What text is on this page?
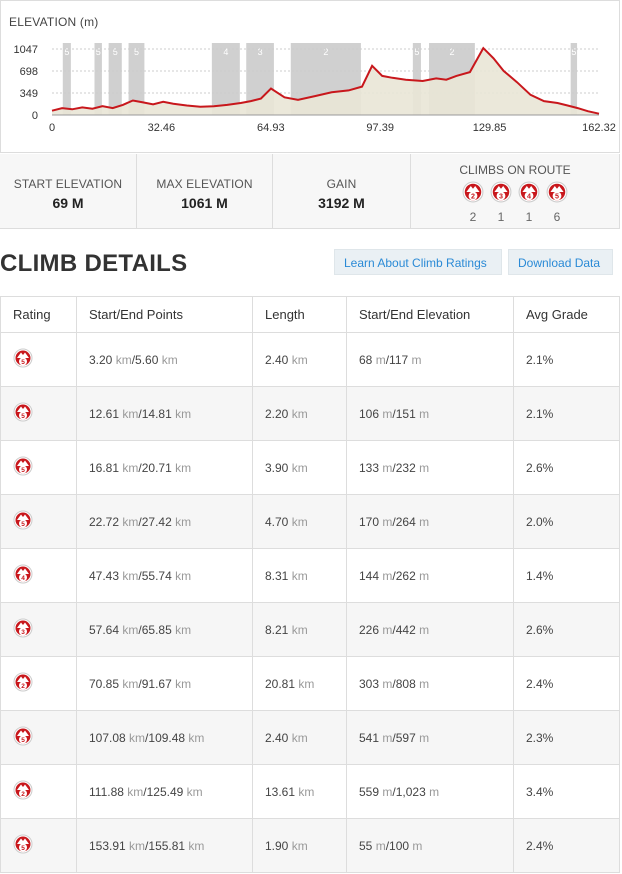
ELEVATION (m)
5	5 5 5	4	3	2	5	2	5
1047
698
349
0
0	32.46	64.93	97.39	129.85	162.32
START ELEVATION
69 M
MAX ELEVATION
1061 M
GAIN
3192 M
CLIMBS ON ROUTE
2
2
3
1
4
1
5
6
CLIMB DETAILS	Learn About Climb Ratings	Download Data
Rating	Start/End Points	Length	Start/End Elevation	Avg Grade

5	3.20 km/5.60 km	2.40 km	68 m/117 m	2.1%

5	12.61 km/14.81 km	2.20 km	106 m/151 m	2.1%

5	16.81 km/20.71 km	3.90 km	133 m/232 m	2.6%

5	22.72 km/27.42 km	4.70 km	170 m/264 m	2.0%

4	47.43 km/55.74 km	8.31 km	144 m/262 m	1.4%

3	57.64 km/65.85 km	8.21 km	226 m/442 m	2.6%

2	70.85 km/91.67 km	20.81 km	303 m/808 m	2.4%

5	107.08 km/109.48 km	2.40 km	541 m/597 m	2.3%

2	111.88 km/125.49 km	13.61 km	559 m/1,023 m	3.4%

5	153.91 km/155.81 km	1.90 km	55 m/100 m	2.4%
